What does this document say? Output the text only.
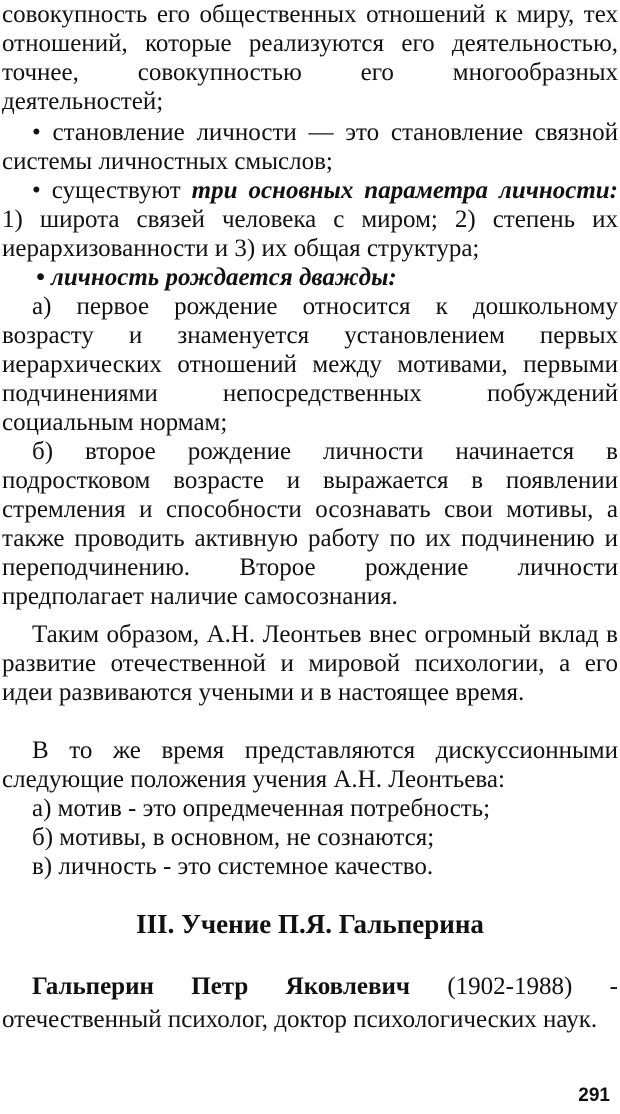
совокупность его общественных отношений к миру, тех отношений, которые реализуются его деятельностью, точнее, совокупностью его многообразных деятельностей;

• становление личности — это становление связной системы личностных смыслов;

• существуют три основных параметра личности: 1) широта связей человека с миром; 2) степень их иерархизованности и 3) их общая структура;

• личность рождается дважды:

а) первое рождение относится к дошкольному возрасту и знаменуется установлением первых иерархических отношений между мотивами, первыми подчинениями непосредственных побуждений социальным нормам;

б) второе рождение личности начинается в подростковом возрасте и выражается в появлении стремления и способности осознавать свои мотивы, а также проводить активную работу по их подчинению и переподчинению. Второе рождение личности предполагает наличие самосознания.

Таким образом, А.Н. Леонтьев внес огромный вклад в развитие отечественной и мировой психологии, а его идеи развиваются учеными и в настоящее время.

В то же время представляются дискуссионными следующие положения учения А.Н. Леонтьева:

а) мотив - это опредмеченная потребность;

б) мотивы, в основном, не сознаются;

в) личность - это системное качество.

III. Учение П.Я. Гальперина

Гальперин Петр Яковлевич (1902-1988) - отечественный психолог, доктор психологических наук.

291
